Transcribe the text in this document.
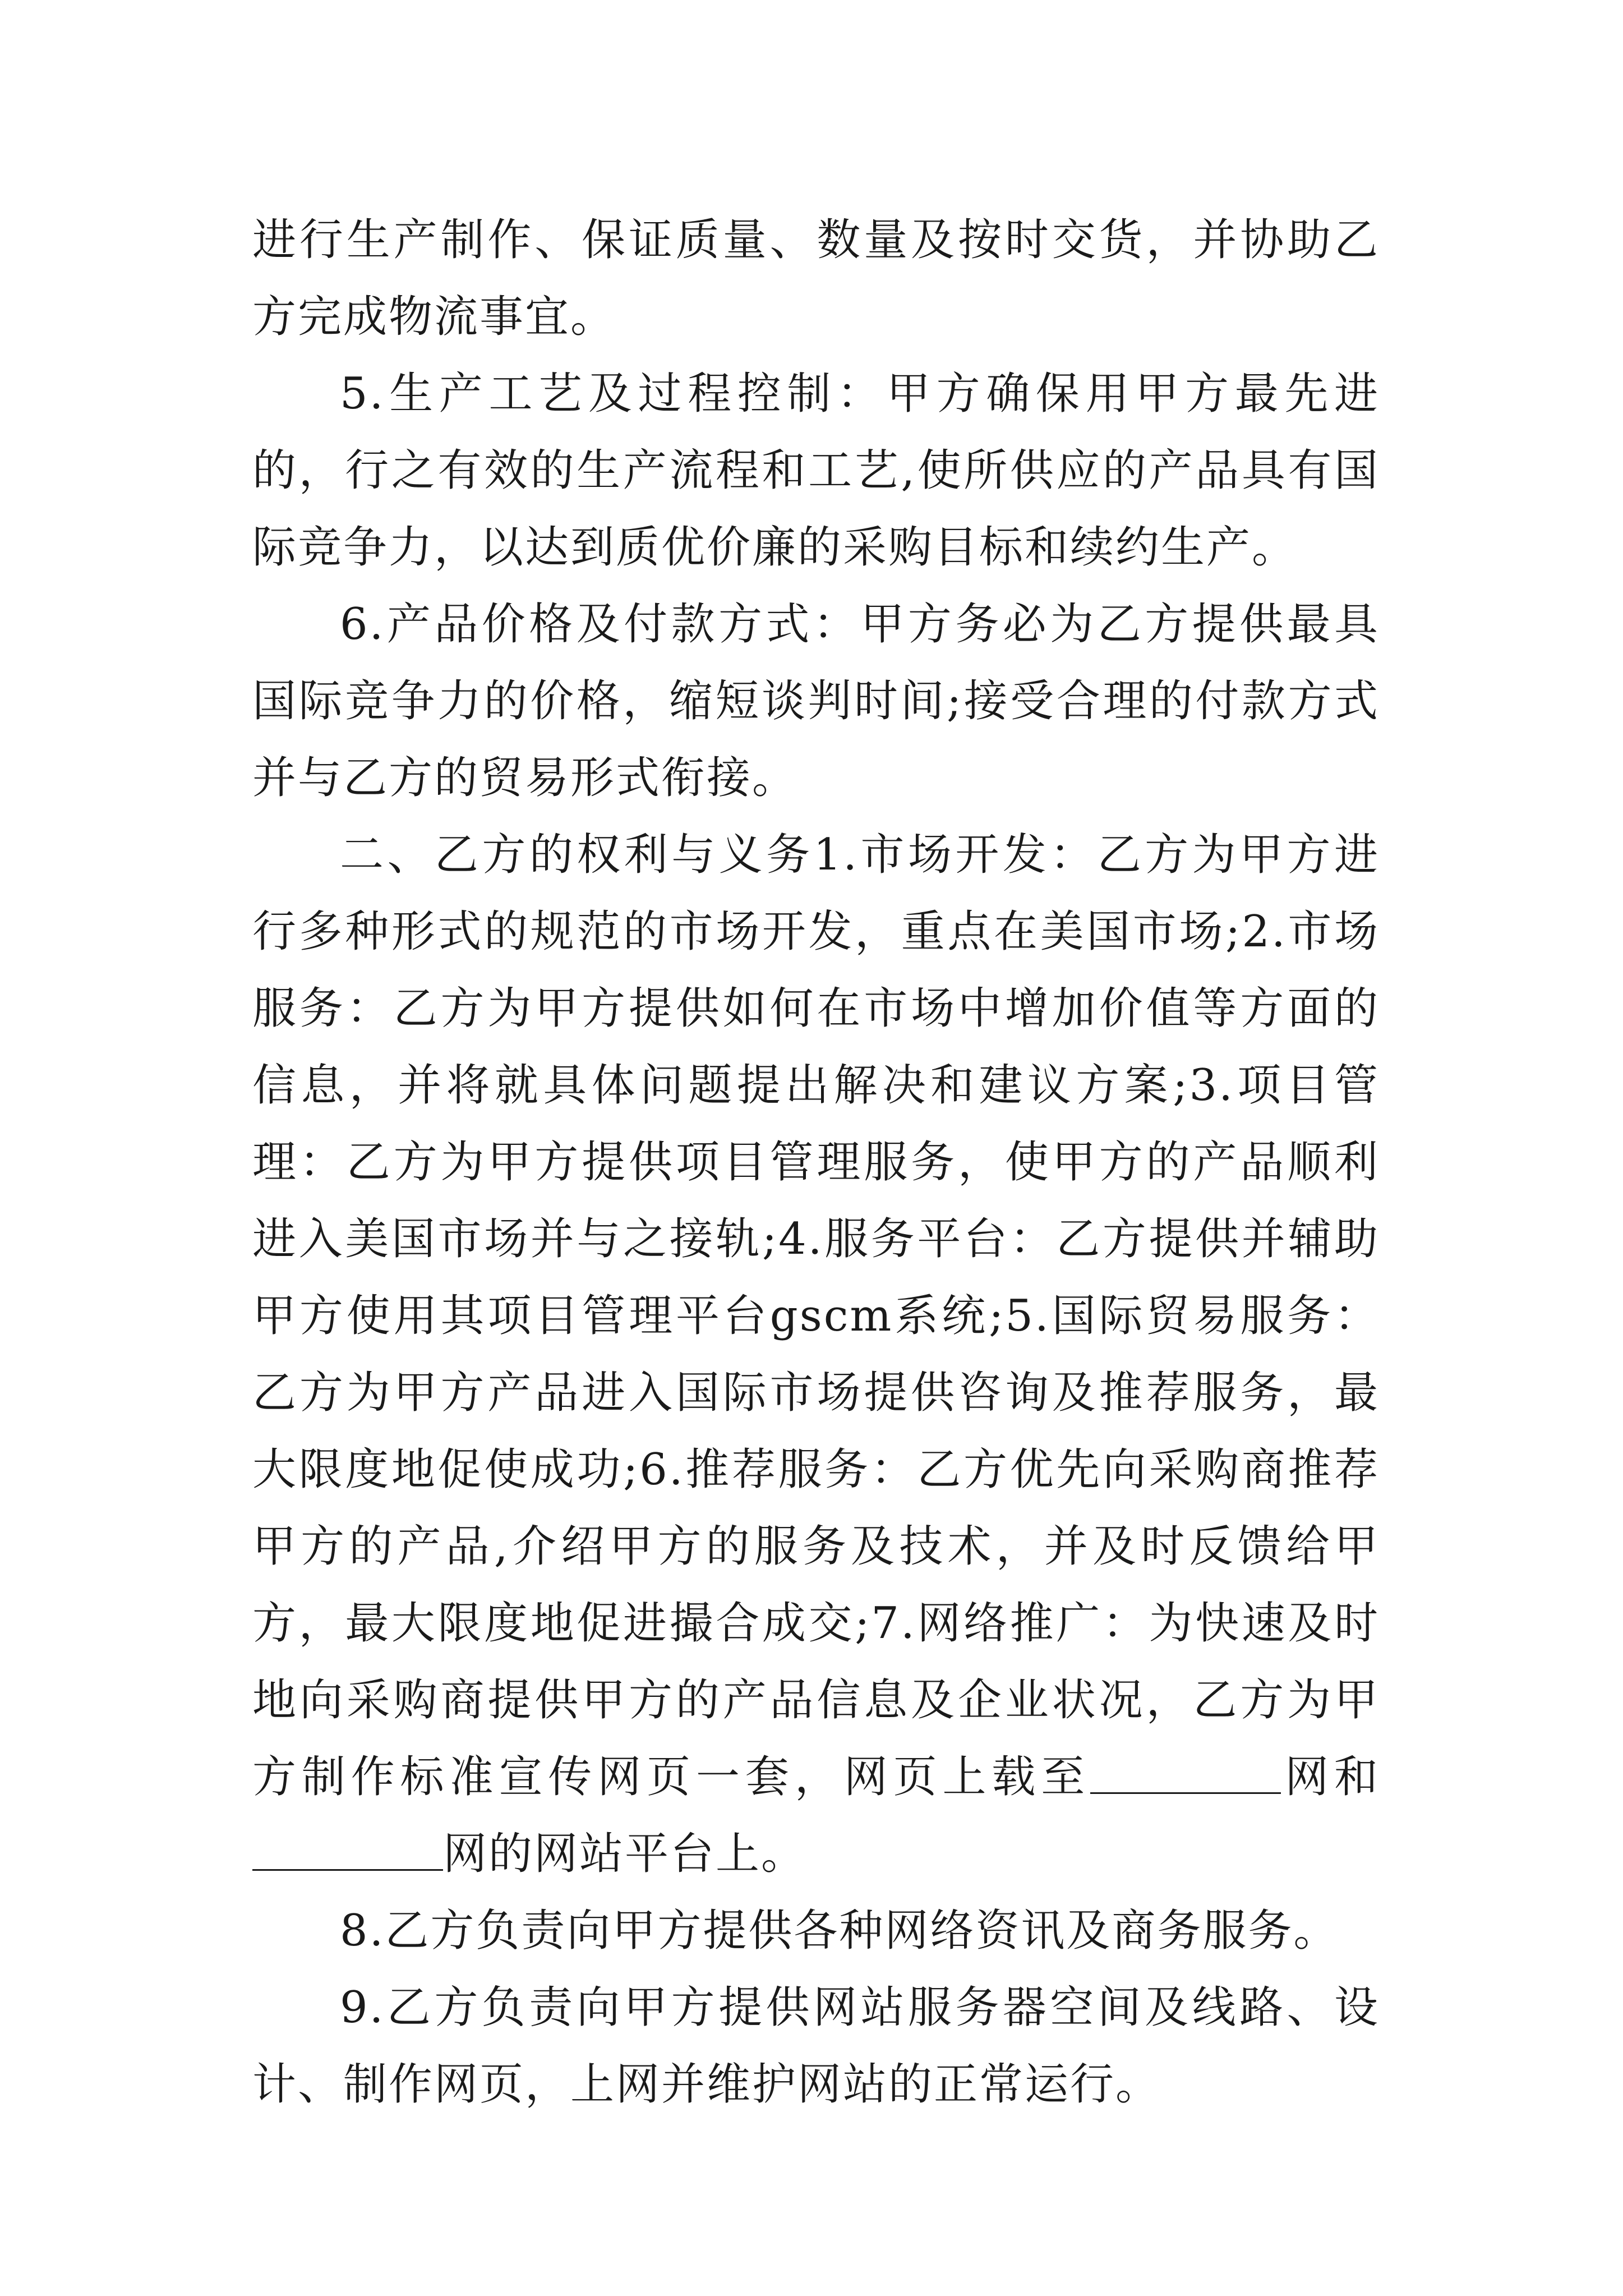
进行生产制作、保证质量、数量及按时交货，并协助乙方完成物流事宜。

5.生产工艺及过程控制：甲方确保用甲方最先进的，行之有效的生产流程和工艺,使所供应的产品具有国际竞争力，以达到质优价廉的采购目标和续约生产。

6.产品价格及付款方式：甲方务必为乙方提供最具国际竞争力的价格，缩短谈判时间;接受合理的付款方式并与乙方的贸易形式衔接。

二、乙方的权利与义务1.市场开发：乙方为甲方进行多种形式的规范的市场开发，重点在美国市场;2.市场服务：乙方为甲方提供如何在市场中增加价值等方面的信息，并将就具体问题提出解决和建议方案;3.项目管理：乙方为甲方提供项目管理服务，使甲方的产品顺利进入美国市场并与之接轨;4.服务平台：乙方提供并辅助甲方使用其项目管理平台gscm系统;5.国际贸易服务：乙方为甲方产品进入国际市场提供咨询及推荐服务，最大限度地促使成功;6.推荐服务：乙方优先向采购商推荐甲方的产品,介绍甲方的服务及技术，并及时反馈给甲方，最大限度地促进撮合成交;7.网络推广：为快速及时地向采购商提供甲方的产品信息及企业状况，乙方为甲方制作标准宣传网页一套，网页上载至	网和网的网站平台上。

8.乙方负责向甲方提供各种网络资讯及商务服务。

9.乙方负责向甲方提供网站服务器空间及线路、设计、制作网页，上网并维护网站的正常运行。
